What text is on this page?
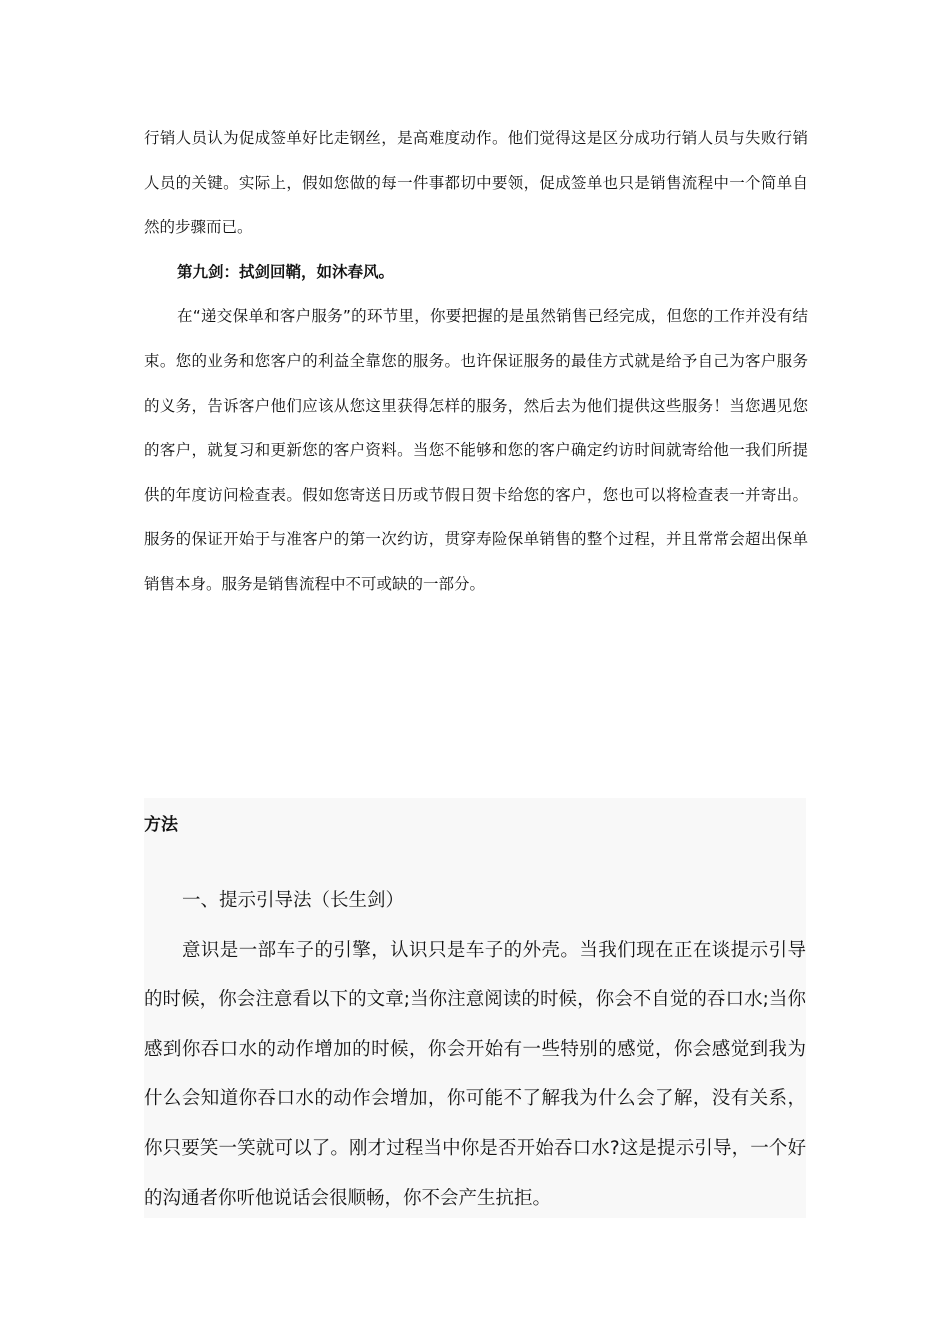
行销人员认为促成签单好比走钢丝，是高难度动作。他们觉得这是区分成功行销人员与失败行销人员的关键。实际上，假如您做的每一件事都切中要领，促成签单也只是销售流程中一个简单自然的步骤而已。

第九剑：拭剑回鞘，如沐春风。

在“递交保单和客户服务”的环节里，你要把握的是虽然销售已经完成，但您的工作并没有结束。您的业务和您客户的利益全靠您的服务。也许保证服务的最佳方式就是给予自己为客户服务的义务，告诉客户他们应该从您这里获得怎样的服务，然后去为他们提供这些服务！当您遇见您的客户，就复习和更新您的客户资料。当您不能够和您的客户确定约访时间就寄给他一我们所提供的年度访问检查表。假如您寄送日历或节假日贺卡给您的客户，您也可以将检查表一并寄出。服务的保证开始于与准客户的第一次约访，贯穿寿险保单销售的整个过程，并且常常会超出保单销售本身。服务是销售流程中不可或缺的一部分。

方法

一、提示引导法（长生剑）

意识是一部车子的引擎，认识只是车子的外壳。当我们现在正在谈提示引导的时候，你会注意看以下的文章;当你注意阅读的时候，你会不自觉的吞口水;当你感到你吞口水的动作增加的时候，你会开始有一些特别的感觉，你会感觉到我为什么会知道你吞口水的动作会增加，你可能不了解我为什么会了解，没有关系，你只要笑一笑就可以了。刚才过程当中你是否开始吞口水?这是提示引导，一个好的沟通者你听他说话会很顺畅，你不会产生抗拒。
